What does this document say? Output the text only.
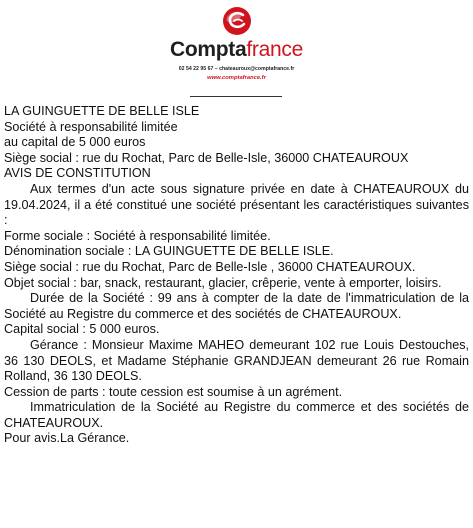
Comptafrance
02 54 22 95 67 – chateauroux@comptafrance.fr
www.comptafrance.fr

LA GUINGUETTE DE BELLE ISLE

Société à responsabilité limitée

au capital de 5 000 euros

Siège social : rue du Rochat, Parc de Belle-Isle, 36000 CHATEAUROUX

AVIS DE CONSTITUTION

Aux termes d'un acte sous signature privée en date à CHATEAUROUX du 19.04.2024, il a été constitué une société présentant les caractéristiques suivantes :

Forme sociale : Société à responsabilité limitée.

Dénomination sociale : LA GUINGUETTE DE BELLE ISLE.

Siège social : rue du Rochat, Parc de Belle-Isle , 36000 CHATEAUROUX.

Objet social : bar, snack, restaurant, glacier, crêperie, vente à emporter, loisirs.

Durée de la Société : 99 ans à compter de la date de l'immatriculation de la Société au Registre du commerce et des sociétés de CHATEAUROUX.

Capital social : 5 000 euros.

Gérance : Monsieur Maxime MAHEO demeurant 102 rue Louis Destouches, 36 130 DEOLS, et Madame Stéphanie GRANDJEAN demeurant 26 rue Romain Rolland, 36 130 DEOLS.

Cession de parts : toute cession est soumise à un agrément.

Immatriculation de la Société au Registre du commerce et des sociétés de CHATEAUROUX.

Pour avis.La Gérance.
